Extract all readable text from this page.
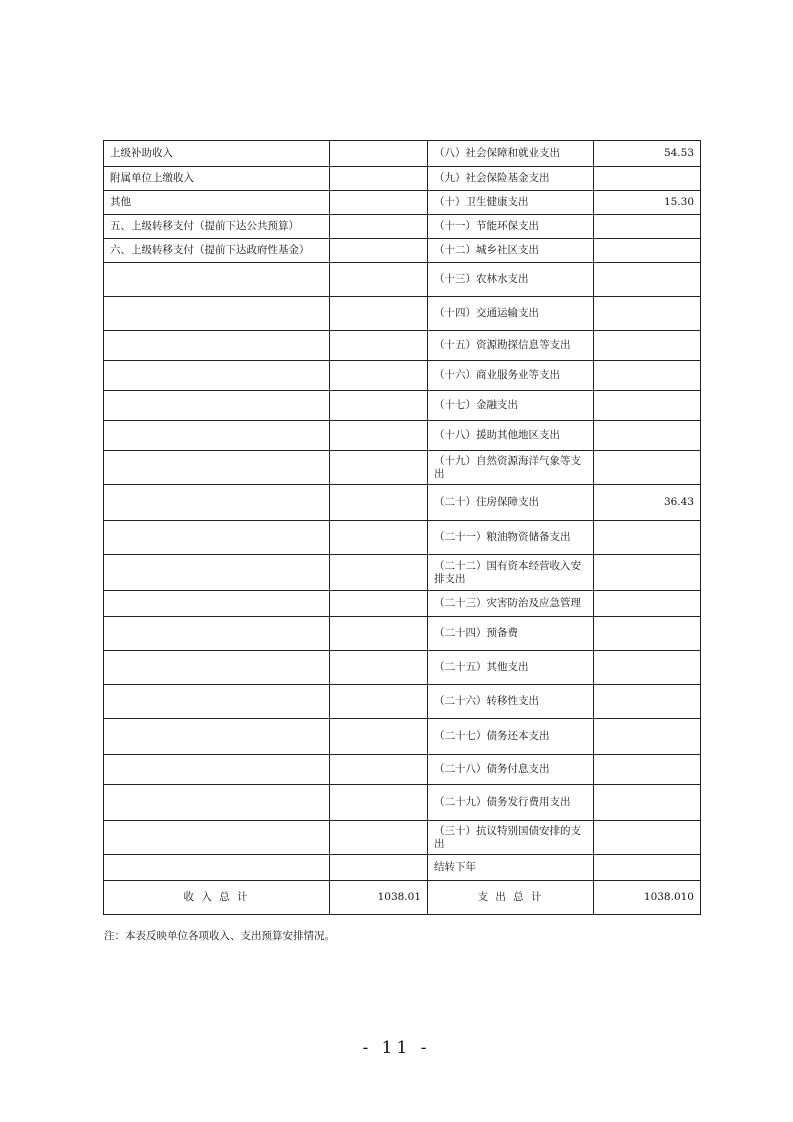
上级补助收入		（八）社会保障和就业支出	54.53
附属单位上缴收入		（九）社会保险基金支出	
其他		（十）卫生健康支出	15.30
五、上级转移支付（提前下达公共预算）		（十一）节能环保支出	
六、上级转移支付（提前下达政府性基金）		（十二）城乡社区支出	
		（十三）农林水支出	
		（十四）交通运输支出	
		（十五）资源勘探信息等支出	
		（十六）商业服务业等支出	
		（十七）金融支出	
		（十八）援助其他地区支出	
		（十九）自然资源海洋气象等支出	
		（二十）住房保障支出	36.43
		（二十一）粮油物资储备支出	
		（二十二）国有资本经营收入安排支出	
		（二十三）灾害防治及应急管理	
		（二十四）预备费	
		（二十五）其他支出	
		（二十六）转移性支出	
		（二十七）债务还本支出	
		（二十八）债务付息支出	
		（二十九）债务发行费用支出	
		（三十）抗议特别国债安排的支出	
		结转下年	
收 入 总 计	1038.01	支 出 总 计	1038.010
注：本表反映单位各项收入、支出预算安排情况。
- 11 -
